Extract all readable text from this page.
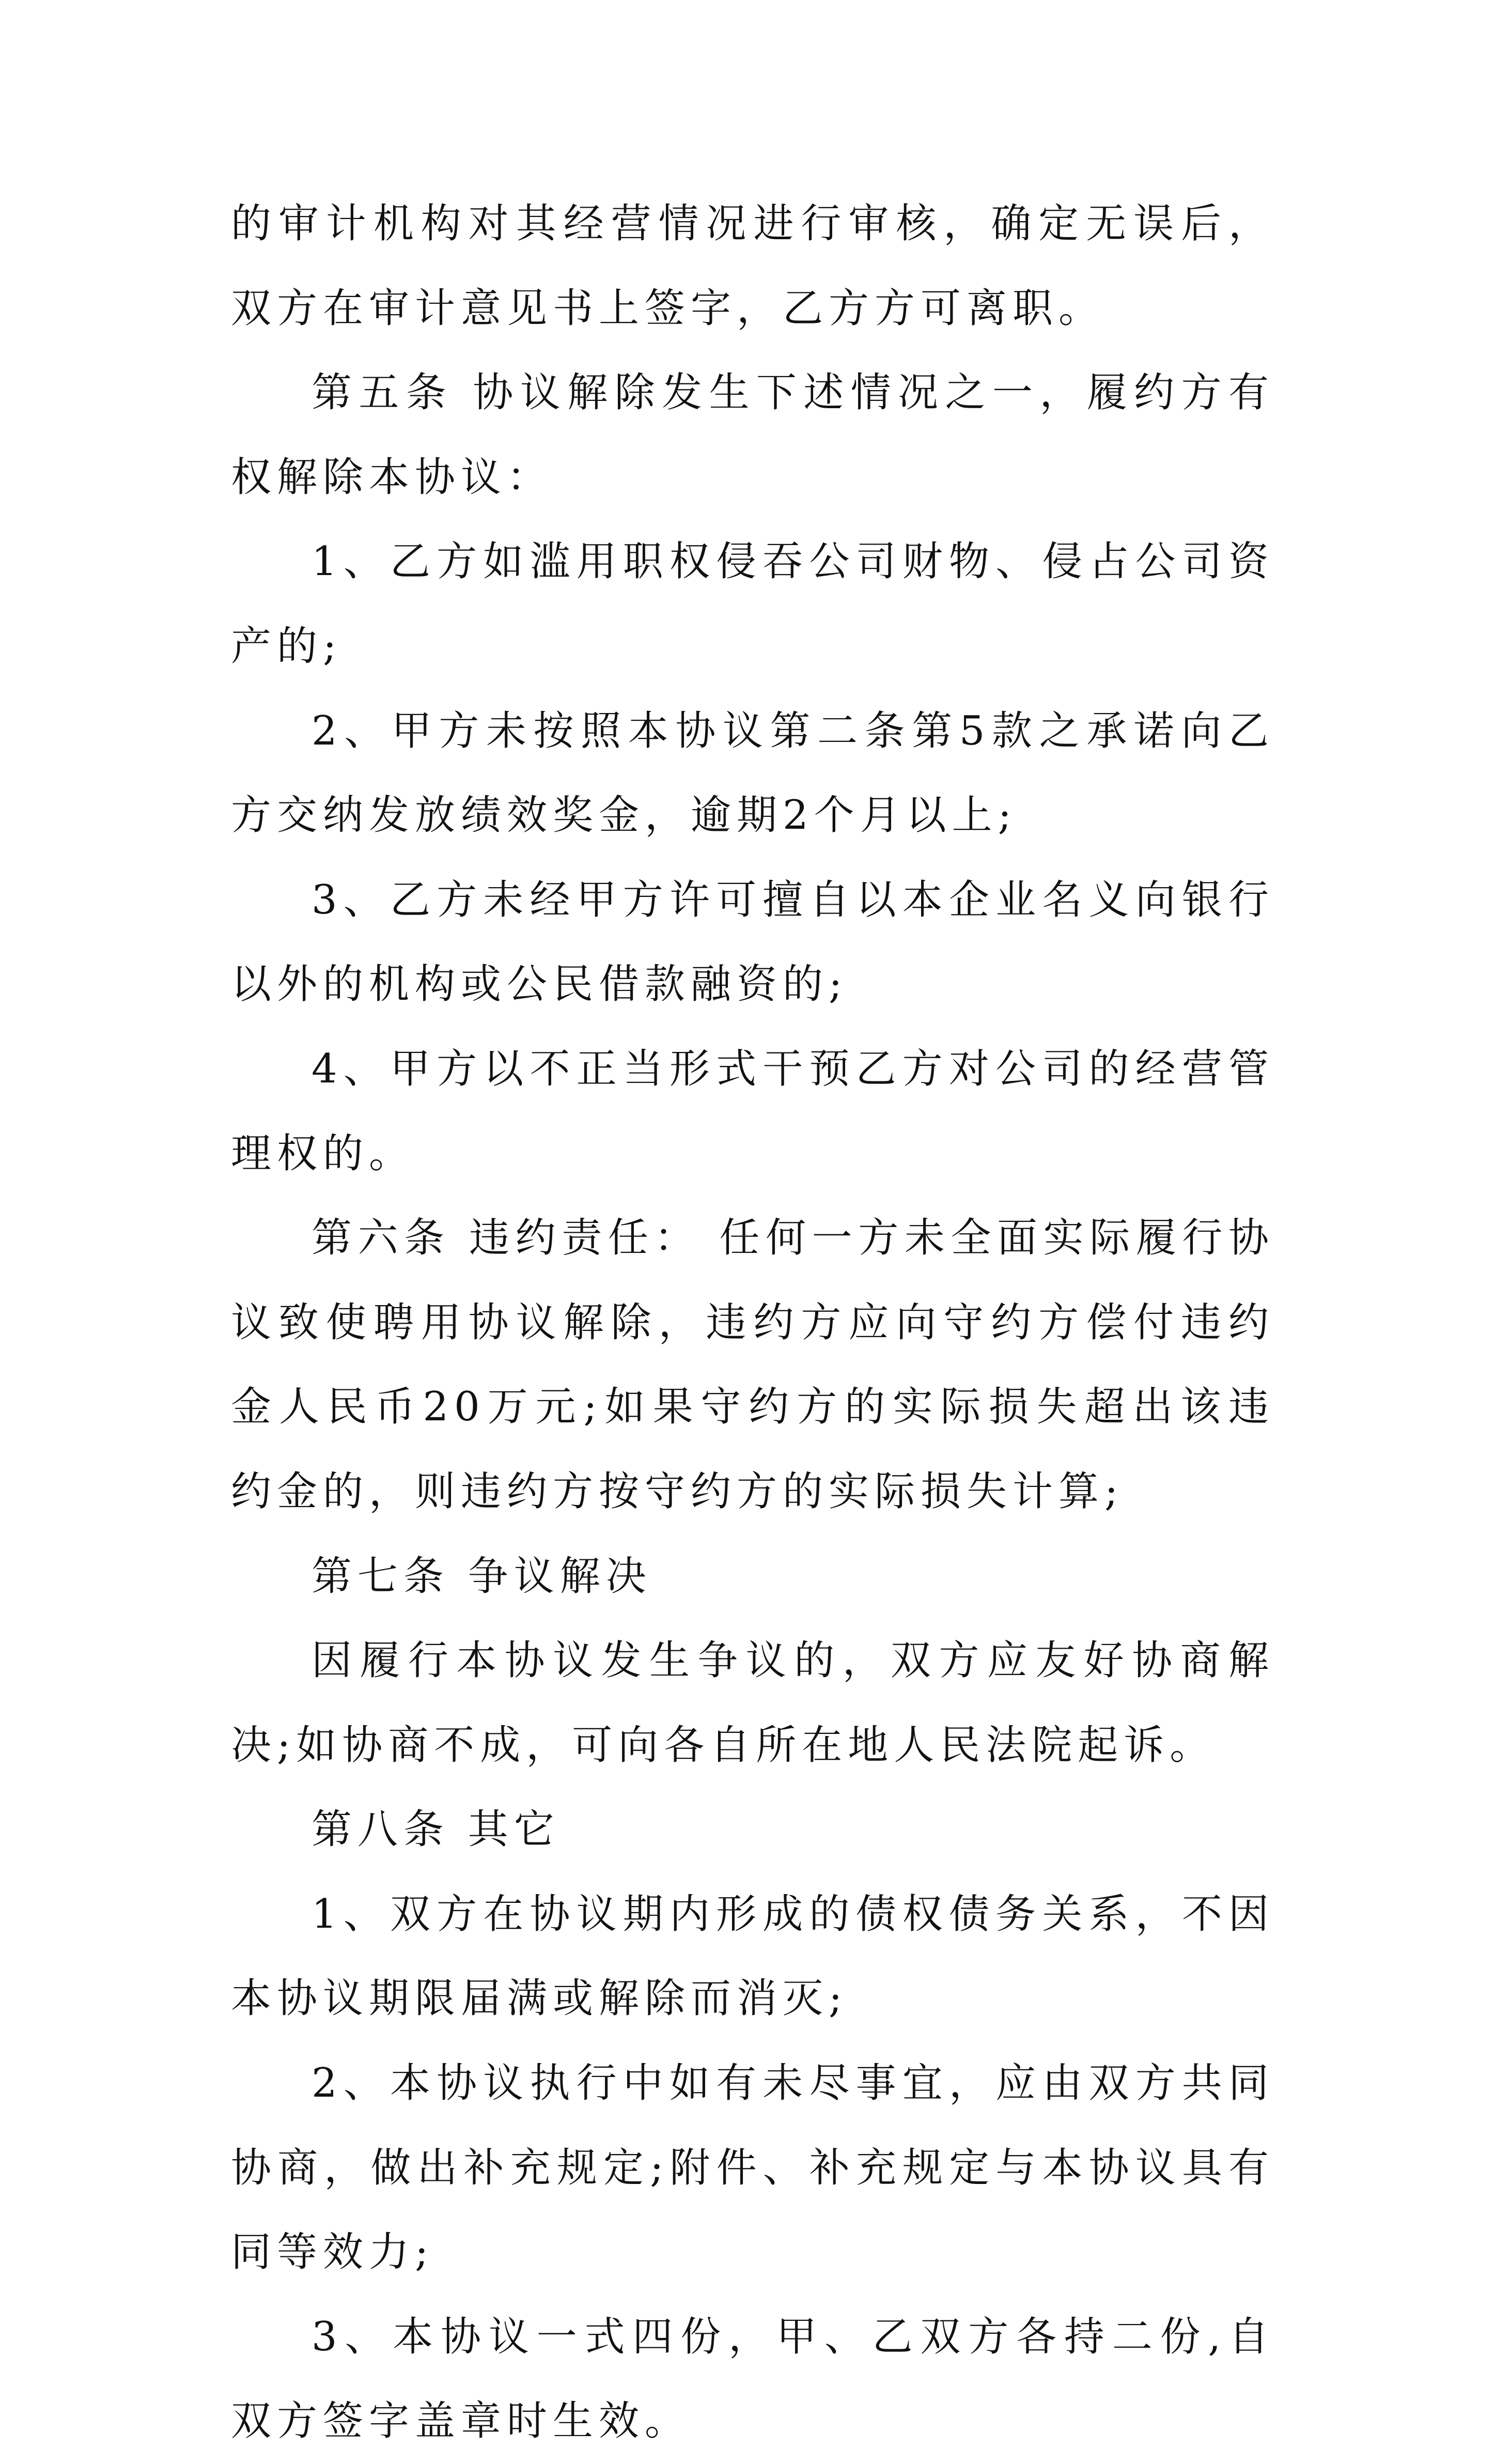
的审计机构对其经营情况进行审核，确定无误后，双方在审计意见书上签字，乙方方可离职。

第五条 协议解除发生下述情况之一，履约方有权解除本协议：

1、乙方如滥用职权侵吞公司财物、侵占公司资产的;

2、甲方未按照本协议第二条第5款之承诺向乙方交纳发放绩效奖金，逾期2个月以上;

3、乙方未经甲方许可擅自以本企业名义向银行以外的机构或公民借款融资的;

4、甲方以不正当形式干预乙方对公司的经营管理权的。

第六条 违约责任： 任何一方未全面实际履行协议致使聘用协议解除，违约方应向守约方偿付违约金人民币20万元;如果守约方的实际损失超出该违约金的，则违约方按守约方的实际损失计算;

第七条 争议解决

因履行本协议发生争议的，双方应友好协商解决;如协商不成，可向各自所在地人民法院起诉。

第八条 其它

1、双方在协议期内形成的债权债务关系，不因本协议期限届满或解除而消灭;

2、本协议执行中如有未尽事宜，应由双方共同协商，做出补充规定;附件、补充规定与本协议具有同等效力;

3、本协议一式四份，甲、乙双方各持二份,自双方签字盖章时生效。
